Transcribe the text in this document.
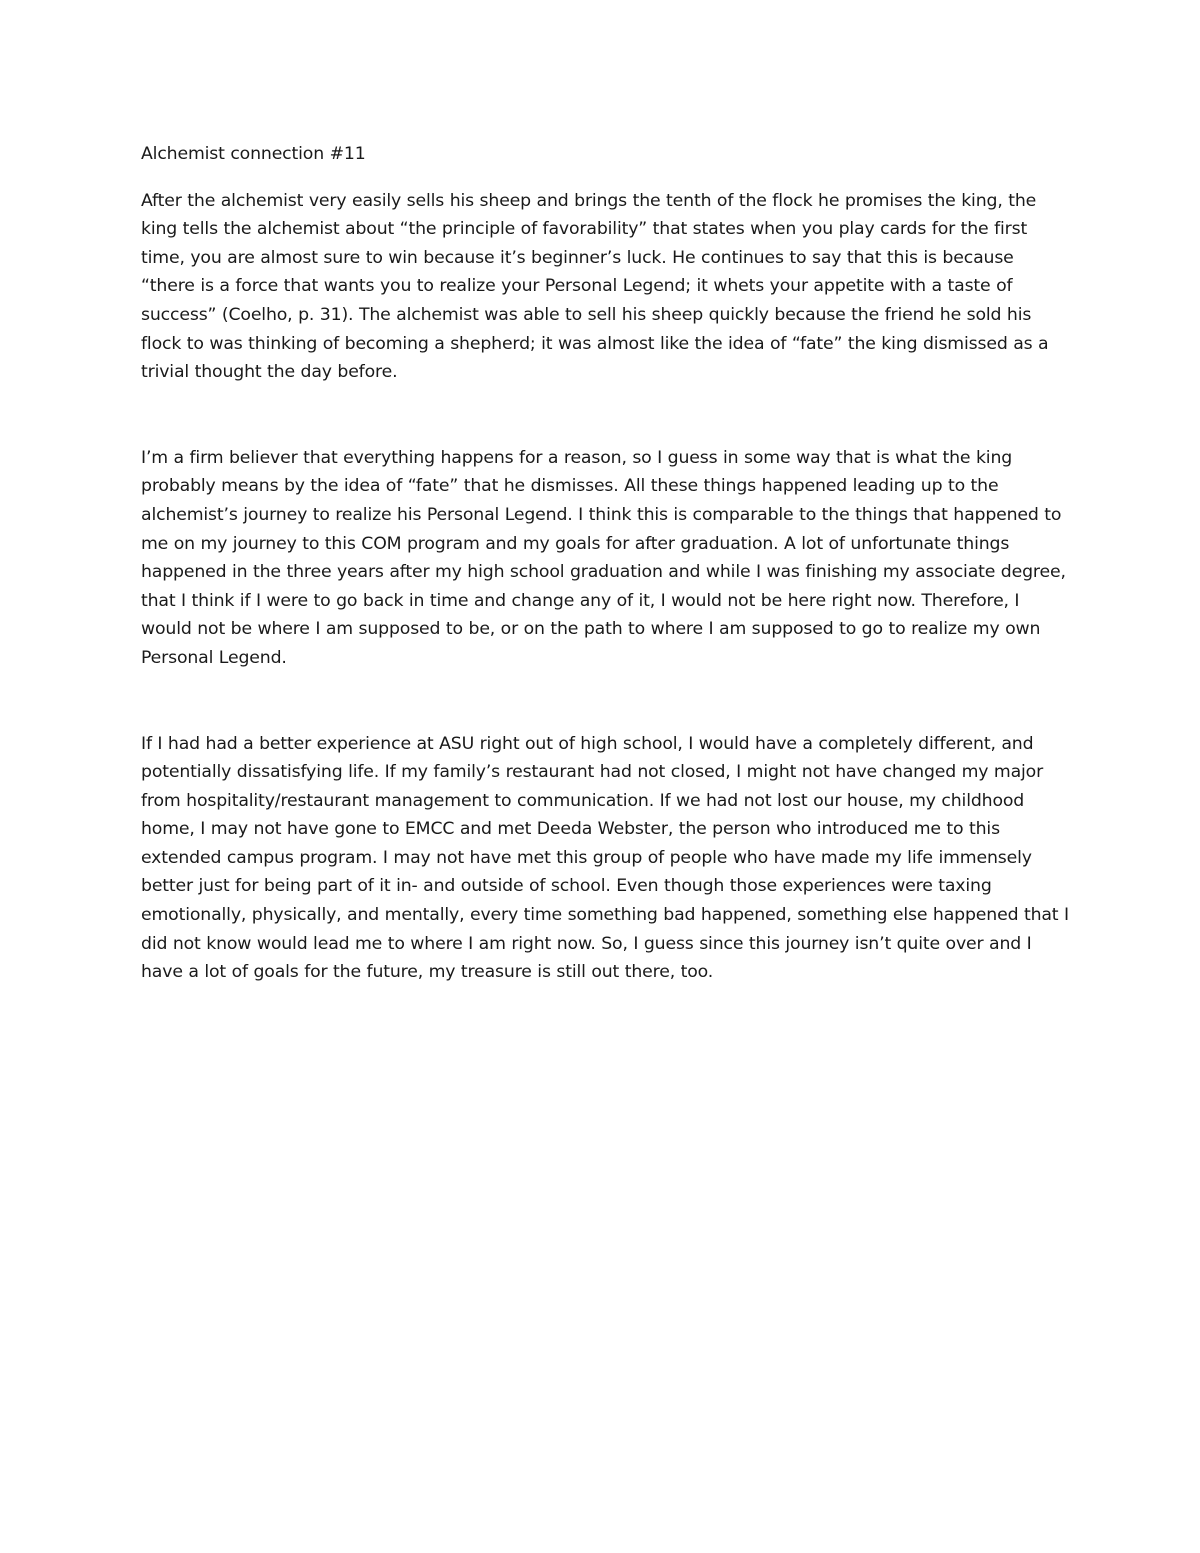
Alchemist connection #11

After the alchemist very easily sells his sheep and brings the tenth of the flock he promises the king, the king tells the alchemist about “the principle of favorability” that states when you play cards for the first time, you are almost sure to win because it’s beginner’s luck. He continues to say that this is because “there is a force that wants you to realize your Personal Legend; it whets your appetite with a taste of success” (Coelho, p. 31). The alchemist was able to sell his sheep quickly because the friend he sold his flock to was thinking of becoming a shepherd; it was almost like the idea of “fate” the king dismissed as a trivial thought the day before.

I’m a firm believer that everything happens for a reason, so I guess in some way that is what the king probably means by the idea of “fate” that he dismisses. All these things happened leading up to the alchemist’s journey to realize his Personal Legend. I think this is comparable to the things that happened to me on my journey to this COM program and my goals for after graduation. A lot of unfortunate things happened in the three years after my high school graduation and while I was finishing my associate degree, that I think if I were to go back in time and change any of it, I would not be here right now. Therefore, I would not be where I am supposed to be, or on the path to where I am supposed to go to realize my own Personal Legend.

If I had had a better experience at ASU right out of high school, I would have a completely different, and potentially dissatisfying life. If my family’s restaurant had not closed, I might not have changed my major from hospitality/restaurant management to communication. If we had not lost our house, my childhood home, I may not have gone to EMCC and met Deeda Webster, the person who introduced me to this extended campus program. I may not have met this group of people who have made my life immensely better just for being part of it in- and outside of school. Even though those experiences were taxing emotionally, physically, and mentally, every time something bad happened, something else happened that I did not know would lead me to where I am right now. So, I guess since this journey isn’t quite over and I have a lot of goals for the future, my treasure is still out there, too.
